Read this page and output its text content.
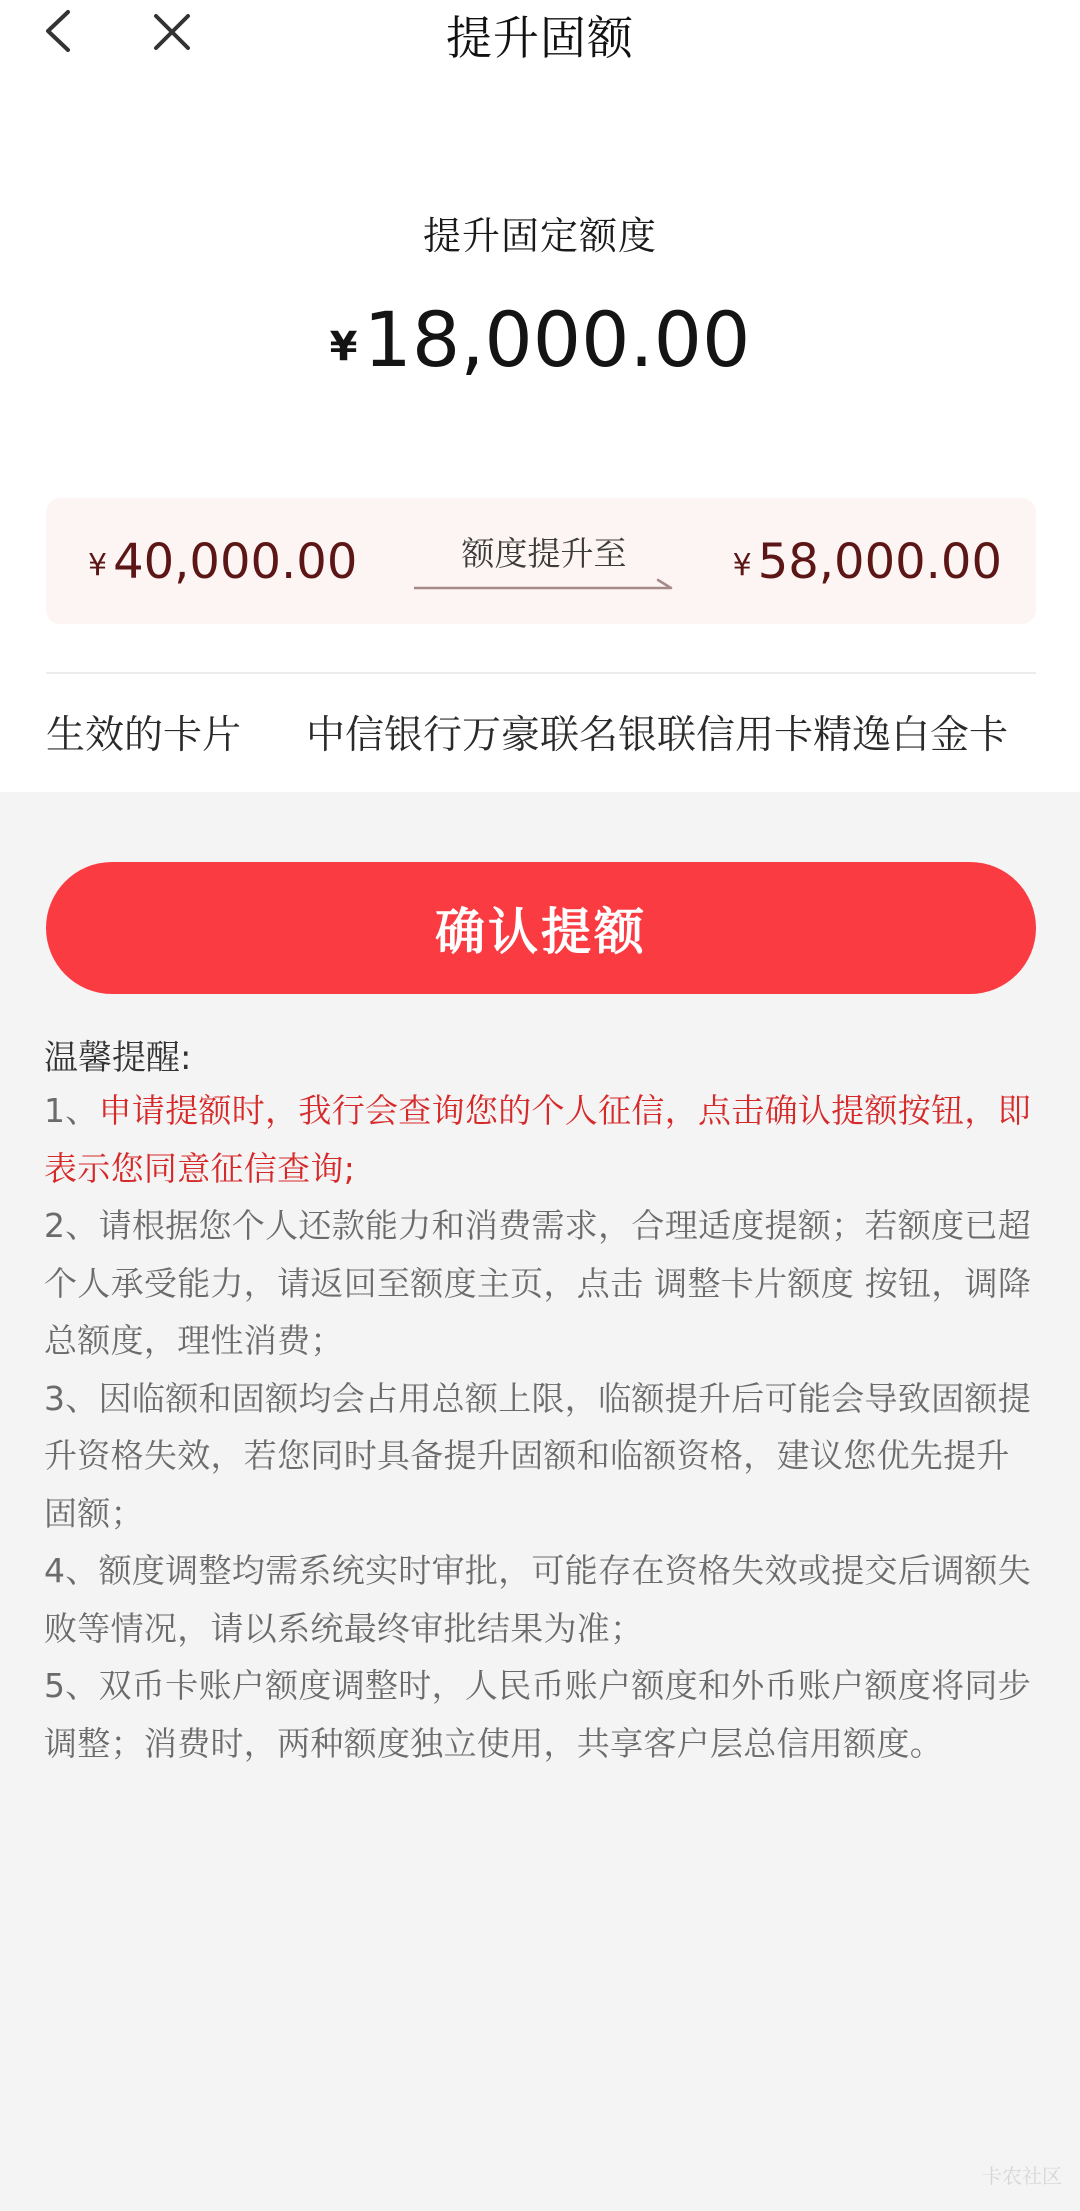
提升固额
提升固定额度
¥18,000.00
¥ 40,000.00	额度提升至	¥ 58,000.00
生效的卡片 中信银行万豪联名银联信用卡精逸白金卡
确认提额
温馨提醒:
1、申请提额时，我行会查询您的个人征信，点击确认提额按钮，即表示您同意征信查询;
2、请根据您个人还款能力和消费需求，合理适度提额；若额度已超个人承受能力，请返回至额度主页，点击 调整卡片额度 按钮，调降总额度，理性消费；
3、因临额和固额均会占用总额上限，临额提升后可能会导致固额提升资格失效，若您同时具备提升固额和临额资格，建议您优先提升固额；
4、额度调整均需系统实时审批，可能存在资格失效或提交后调额失败等情况，请以系统最终审批结果为准；
5、双币卡账户额度调整时，人民币账户额度和外币账户额度将同步调整；消费时，两种额度独立使用，共享客户层总信用额度。
卡农社区
